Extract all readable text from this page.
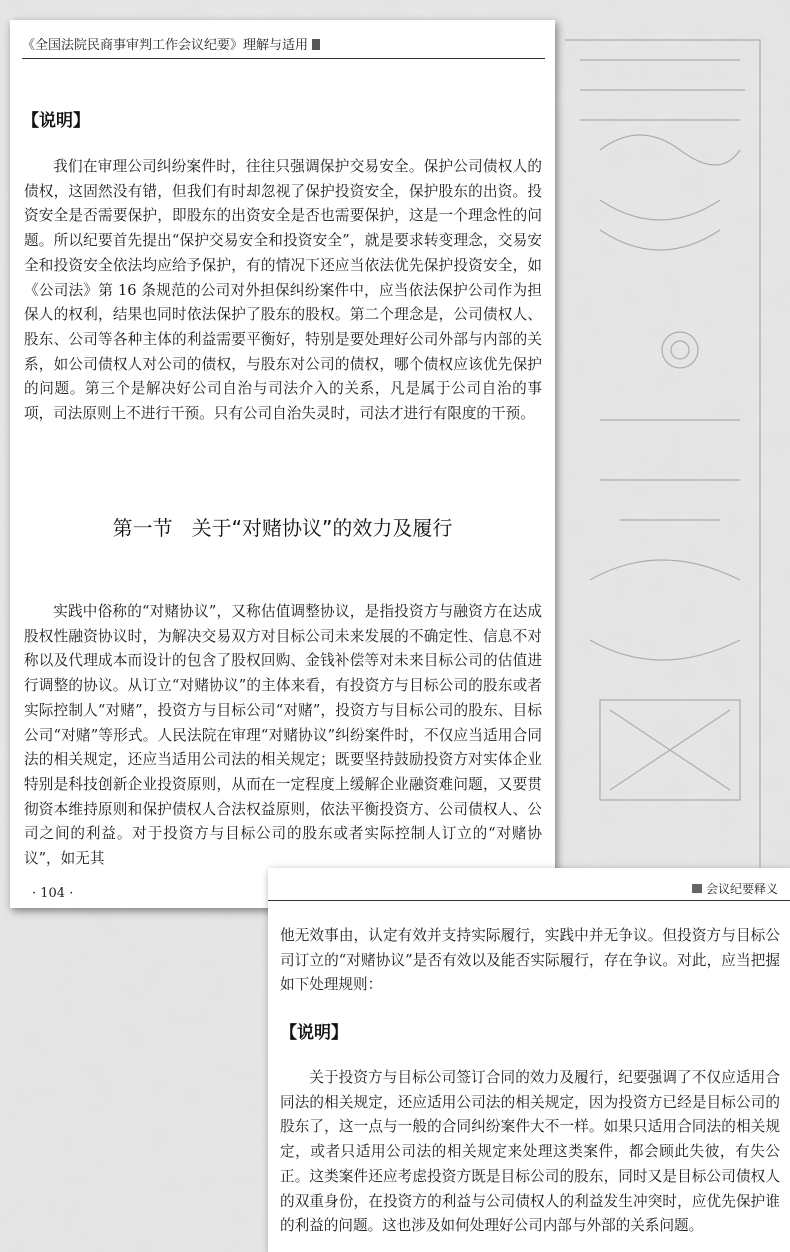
《全国法院民商事审判工作会议纪要》理解与适用
【说明】

我们在审理公司纠纷案件时，往往只强调保护交易安全。保护公司债权人的债权，这固然没有错，但我们有时却忽视了保护投资安全，保护股东的出资。投资安全是否需要保护，即股东的出资安全是否也需要保护，这是一个理念性的问题。所以纪要首先提出“保护交易安全和投资安全”，就是要求转变理念，交易安全和投资安全依法均应给予保护，有的情况下还应当依法优先保护投资安全，如《公司法》第 16 条规范的公司对外担保纠纷案件中，应当依法保护公司作为担保人的权利，结果也同时依法保护了股东的股权。第二个理念是，公司债权人、股东、公司等各种主体的利益需要平衡好，特别是要处理好公司外部与内部的关系，如公司债权人对公司的债权，与股东对公司的债权，哪个债权应该优先保护的问题。第三个是解决好公司自治与司法介入的关系，凡是属于公司自治的事项，司法原则上不进行干预。只有公司自治失灵时，司法才进行有限度的干预。

第一节   关于“对赌协议”的效力及履行

实践中俗称的“对赌协议”，又称估值调整协议，是指投资方与融资方在达成股权性融资协议时，为解决交易双方对目标公司未来发展的不确定性、信息不对称以及代理成本而设计的包含了股权回购、金钱补偿等对未来目标公司的估值进行调整的协议。从订立“对赌协议”的主体来看，有投资方与目标公司的股东或者实际控制人“对赌”，投资方与目标公司“对赌”，投资方与目标公司的股东、目标公司“对赌”等形式。人民法院在审理“对赌协议”纠纷案件时，不仅应当适用合同法的相关规定，还应当适用公司法的相关规定；既要坚持鼓励投资方对实体企业特别是科技创新企业投资原则，从而在一定程度上缓解企业融资难问题，又要贯彻资本维持原则和保护债权人合法权益原则，依法平衡投资方、公司债权人、公司之间的利益。对于投资方与目标公司的股东或者实际控制人订立的“对赌协议”，如无其

· 104 ·	会议纪要释义

他无效事由，认定有效并支持实际履行，实践中并无争议。但投资方与目标公司订立的“对赌协议”是否有效以及能否实际履行，存在争议。对此，应当把握如下处理规则：

【说明】

关于投资方与目标公司签订合同的效力及履行，纪要强调了不仅应适用合同法的相关规定，还应适用公司法的相关规定，因为投资方已经是目标公司的股东了，这一点与一般的合同纠纷案件大不一样。如果只适用合同法的相关规定，或者只适用公司法的相关规定来处理这类案件，都会顾此失彼，有失公正。这类案件还应考虑投资方既是目标公司的股东，同时又是目标公司债权人的双重身份，在投资方的利益与公司债权人的利益发生冲突时，应优先保护谁的利益的问题。这也涉及如何处理好公司内部与外部的关系问题。
